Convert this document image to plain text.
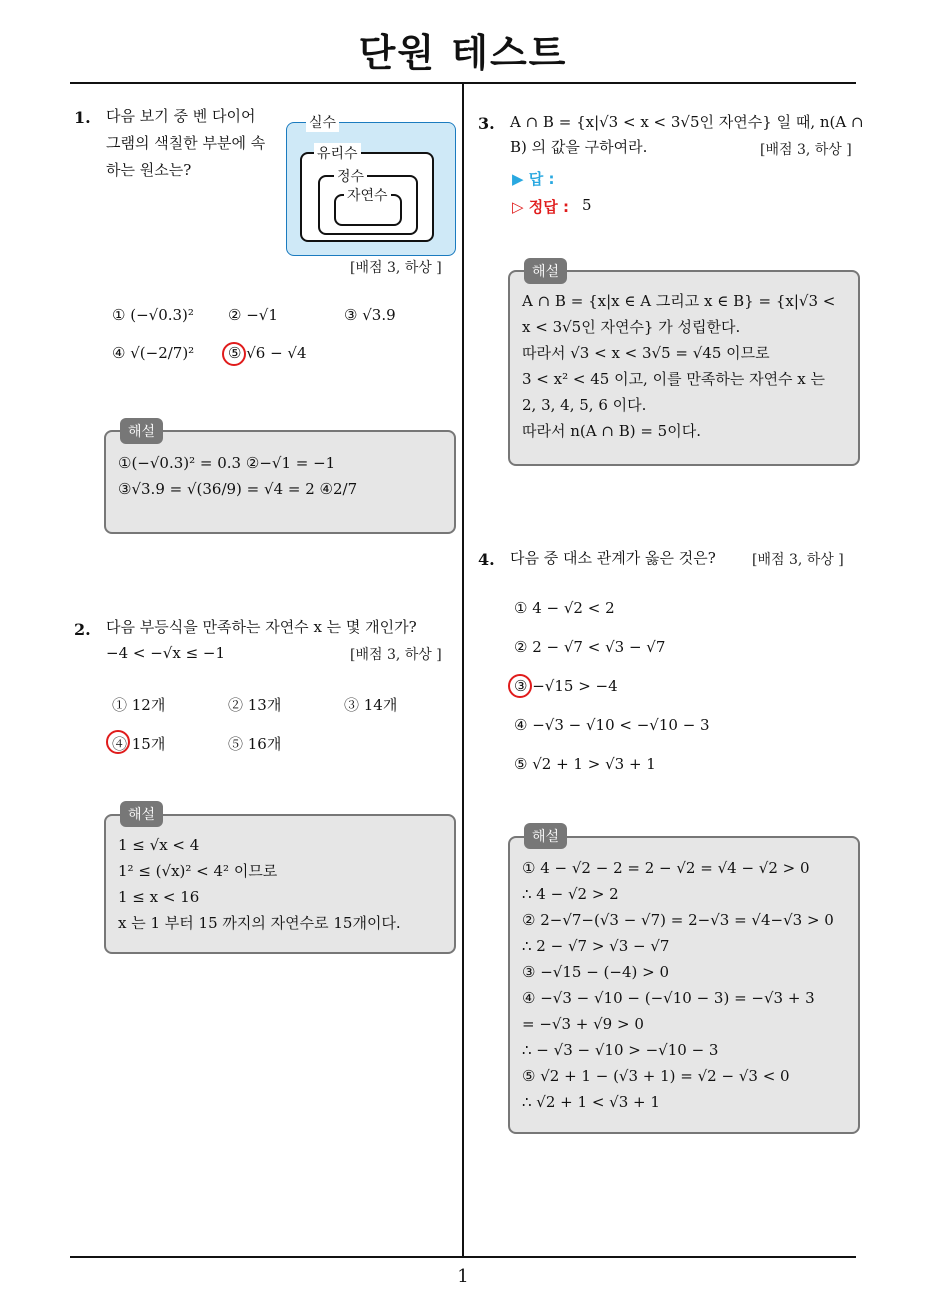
단원 테스트
1
1. 다음 보기 중 벤 다이어
그램의 색칠한 부분에 속
하는 원소는?
실수
유리수
정수
자연수
[배점 3, 하상 ]
① (−√0.3)² ② −√1	③ √3.9
④ √(−2/7)² ⑤ √6 − √4
해설
①(−√0.3)² = 0.3 ②−√1 = −1
③√3.9 = √(36/9) = √4 = 2 ④2/7
2. 다음 부등식을 만족하는 자연수 x 는 몇 개인가?
−4 < −√x ≤ −1	[배점 3, 하상 ]
① 12개	② 13개	③ 14개
④ 15개	⑤ 16개
해설
1 ≤ √x < 4
1² ≤ (√x)² < 4² 이므로
1 ≤ x < 16
x 는 1 부터 15 까지의 자연수로 15개이다.
3. A ∩ B = {x|√3 < x < 3√5인 자연수} 일 때, n(A ∩
B) 의 값을 구하여라.	[배점 3, 하상 ]
▶ 답 :
▷ 정답 : 5
해설
A ∩ B = {x|x ∈ A 그리고 x ∈ B} = {x|√3 <
x < 3√5인 자연수} 가 성립한다.
따라서 √3 < x < 3√5 = √45 이므로
3 < x² < 45 이고, 이를 만족하는 자연수 x 는
2, 3, 4, 5, 6 이다.
따라서 n(A ∩ B) = 5이다.
4. 다음 중 대소 관계가 옳은 것은?	[배점 3, 하상 ]
① 4 − √2 < 2
② 2 − √7 < √3 − √7
③ −√15 > −4
④ −√3 − √10 < −√10 − 3
⑤ √2 + 1 > √3 + 1
해설
① 4 − √2 − 2 = 2 − √2 = √4 − √2 > 0
∴ 4 − √2 > 2
② 2−√7−(√3 − √7) = 2−√3 = √4−√3 > 0
∴ 2 − √7 > √3 − √7
③ −√15 − (−4) > 0
④ −√3 − √10 − (−√10 − 3) = −√3 + 3
= −√3 + √9 > 0
∴ − √3 − √10 > −√10 − 3
⑤ √2 + 1 − (√3 + 1) = √2 − √3 < 0
∴ √2 + 1 < √3 + 1
